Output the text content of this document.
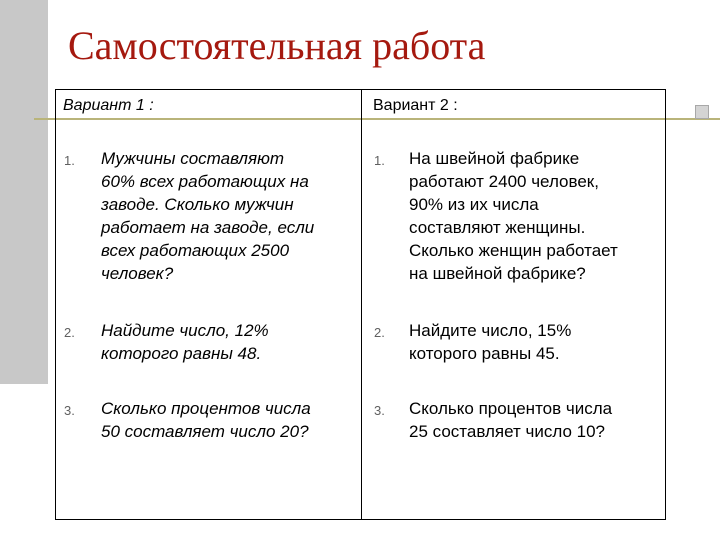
Самостоятельная работа
Вариант 1 :	Вариант 2 :
1. Мужчины составляют
60% всех работающих на
заводе. Сколько мужчин
работает на заводе, если
всех работающих 2500
человек?
2. Найдите число, 12%
которого равны 48.
3. Сколько процентов числа
50 составляет число 20?
1. На швейной фабрике
работают 2400 человек,
90% из их числа
составляют женщины.
Сколько женщин работает
на швейной фабрике?
2. Найдите число, 15%
которого равны 45.
3. Сколько процентов числа
25 составляет число 10?
